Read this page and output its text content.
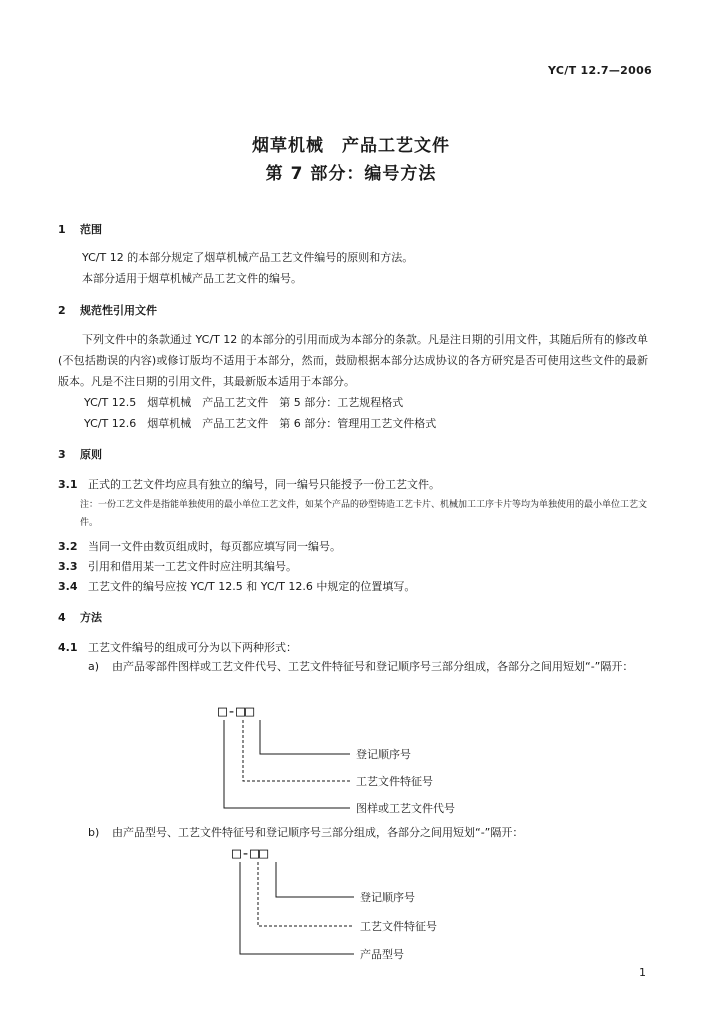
YC/T 12.7—2006
烟草机械　产品工艺文件
第 7 部分：编号方法
1 范围
YC/T 12 的本部分规定了烟草机械产品工艺文件编号的原则和方法。
本部分适用于烟草机械产品工艺文件的编号。
2 规范性引用文件
下列文件中的条款通过 YC/T 12 的本部分的引用而成为本部分的条款。凡是注日期的引用文件，其随后所有的修改单(不包括勘误的内容)或修订版均不适用于本部分，然而，鼓励根据本部分达成协议的各方研究是否可使用这些文件的最新版本。凡是不注日期的引用文件，其最新版本适用于本部分。
YC/T 12.5　烟草机械　产品工艺文件　第 5 部分：工艺规程格式
YC/T 12.6　烟草机械　产品工艺文件　第 6 部分：管理用工艺文件格式
3 原则
3.1 正式的工艺文件均应具有独立的编号，同一编号只能授予一份工艺文件。
注：一份工艺文件是指能单独使用的最小单位工艺文件，如某个产品的砂型铸造工艺卡片、机械加工工序卡片等均为单独使用的最小单位工艺文件。
3.2 当同一文件由数页组成时，每页都应填写同一编号。
3.3 引用和借用某一工艺文件时应注明其编号。
3.4 工艺文件的编号应按 YC/T 12.5 和 YC/T 12.6 中规定的位置填写。
4 方法
4.1 工艺文件编号的组成可分为以下两种形式：
a) 由产品零部件图样或工艺文件代号、工艺文件特征号和登记顺序号三部分组成，各部分之间用短划“-”隔开：
□-□□
登记顺序号
工艺文件特征号
图样或工艺文件代号
b) 由产品型号、工艺文件特征号和登记顺序号三部分组成，各部分之间用短划“-”隔开：
□-□□
登记顺序号
工艺文件特征号
产品型号
1
